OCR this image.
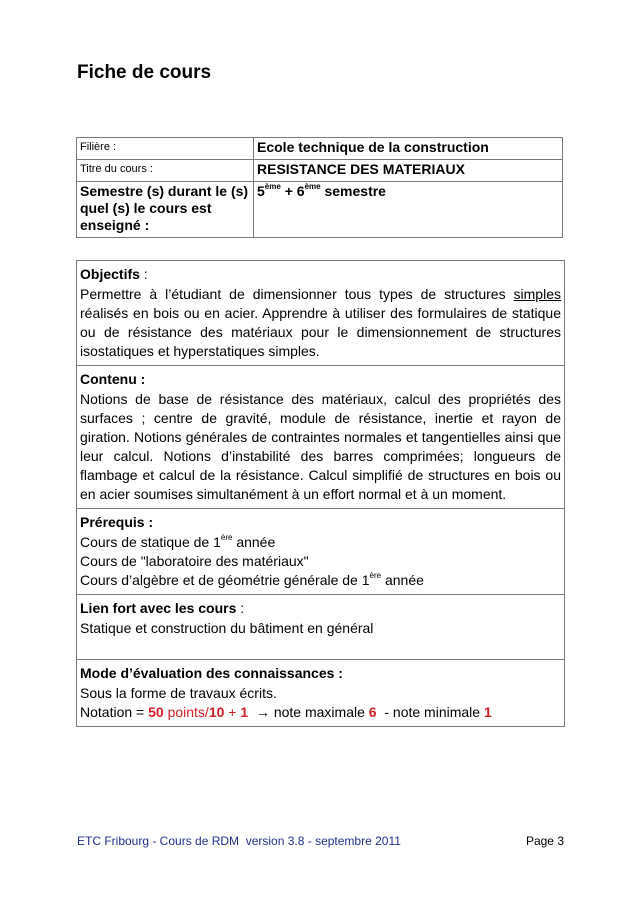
Fiche de cours
Filière :	Ecole technique de la construction
Titre du cours :	RESISTANCE DES MATERIAUX
Semestre (s) durant le (s) quel (s) le cours est enseigné :	5ème + 6ème semestre
Objectifs :
Permettre à l’étudiant de dimensionner tous types de structures simples réalisés en bois ou en acier. Apprendre à utiliser des formulaires de statique ou de résistance des matériaux pour le dimensionnement de structures isostatiques et hyperstatiques simples.
Contenu :
Notions de base de résistance des matériaux, calcul des propriétés des surfaces ; centre de gravité, module de résistance, inertie et rayon de giration. Notions générales de contraintes normales et tangentielles ainsi que leur calcul. Notions d’instabilité des barres comprimées; longueurs de flambage et calcul de la résistance. Calcul simplifié de structures en bois ou en acier soumises simultanément à un effort normal et à un moment.
Prérequis :
Cours de statique de 1ère année
Cours de "laboratoire des matériaux"
Cours d’algèbre et de géométrie générale de 1ère année
Lien fort avec les cours :
Statique et construction du bâtiment en général
Mode d’évaluation des connaissances :
Sous la forme de travaux écrits.
Notation = 50 points/10 + 1  → note maximale 6  - note minimale 1
ETC Fribourg - Cours de RDM  version 3.8 - septembre 2011	Page 3
